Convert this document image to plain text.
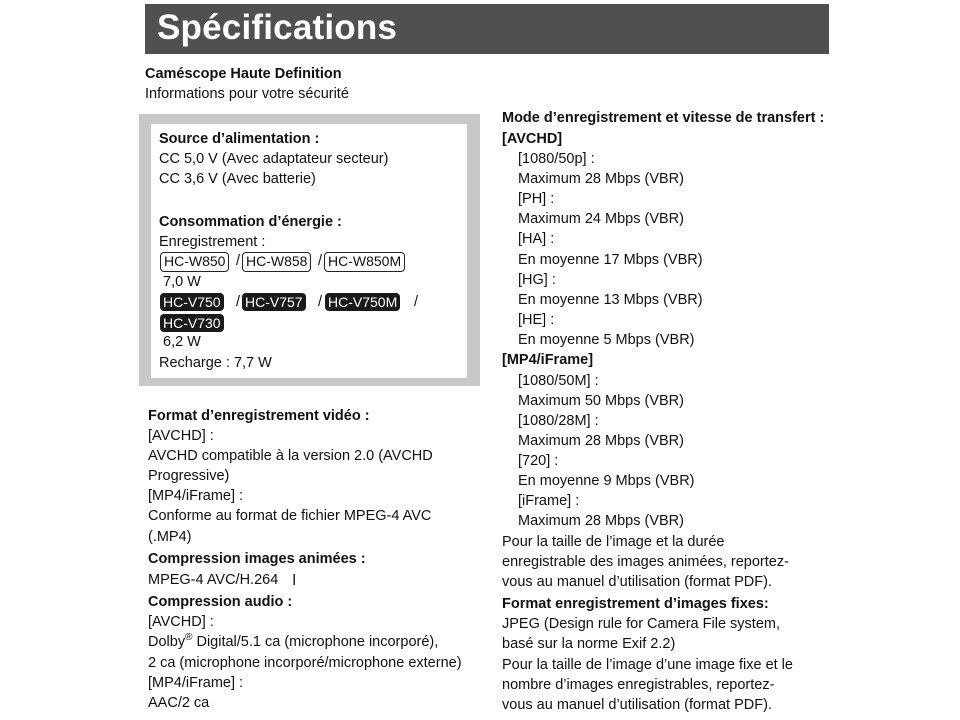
Spécifications
Caméscope Haute Definition
Informations pour votre sécurité
Source d’alimentation :
CC 5,0 V (Avec adaptateur secteur)
CC 3,6 V (Avec batterie)
Consommation d’énergie :
Enregistrement :
HC-W850 / HC-W858 / HC-W850M
7,0 W
HC-V750 / HC-V757 / HC-V750M /
HC-V730
6,2 W
Recharge : 7,7 W
Format d’enregistrement vidéo :
[AVCHD] :
AVCHD compatible à la version 2.0 (AVCHD
Progressive)
[MP4/iFrame] :
Conforme au format de fichier MPEG-4 AVC
(.MP4)
Compression images animées :
MPEG-4 AVC/H.264 I
Compression audio :
[AVCHD] :
Dolby® Digital/5.1 ca (microphone incorporé),
2 ca (microphone incorporé/microphone externe)
[MP4/iFrame] :
AAC/2 ca
Mode d’enregistrement et vitesse de transfert :
[AVCHD]
[1080/50p] :
Maximum 28 Mbps (VBR)
[PH] :
Maximum 24 Mbps (VBR)
[HA] :
En moyenne 17 Mbps (VBR)
[HG] :
En moyenne 13 Mbps (VBR)
[HE] :
En moyenne 5 Mbps (VBR)
[MP4/iFrame]
[1080/50M] :
Maximum 50 Mbps (VBR)
[1080/28M] :
Maximum 28 Mbps (VBR)
[720] :
En moyenne 9 Mbps (VBR)
[iFrame] :
Maximum 28 Mbps (VBR)
Pour la taille de l’image et la durée
enregistrable des images animées, reportez-
vous au manuel d’utilisation (format PDF).
Format enregistrement d’images fixes:
JPEG (Design rule for Camera File system,
basé sur la norme Exif 2.2)
Pour la taille de l’image d’une image fixe et le
nombre d’images enregistrables, reportez-
vous au manuel d’utilisation (format PDF).
